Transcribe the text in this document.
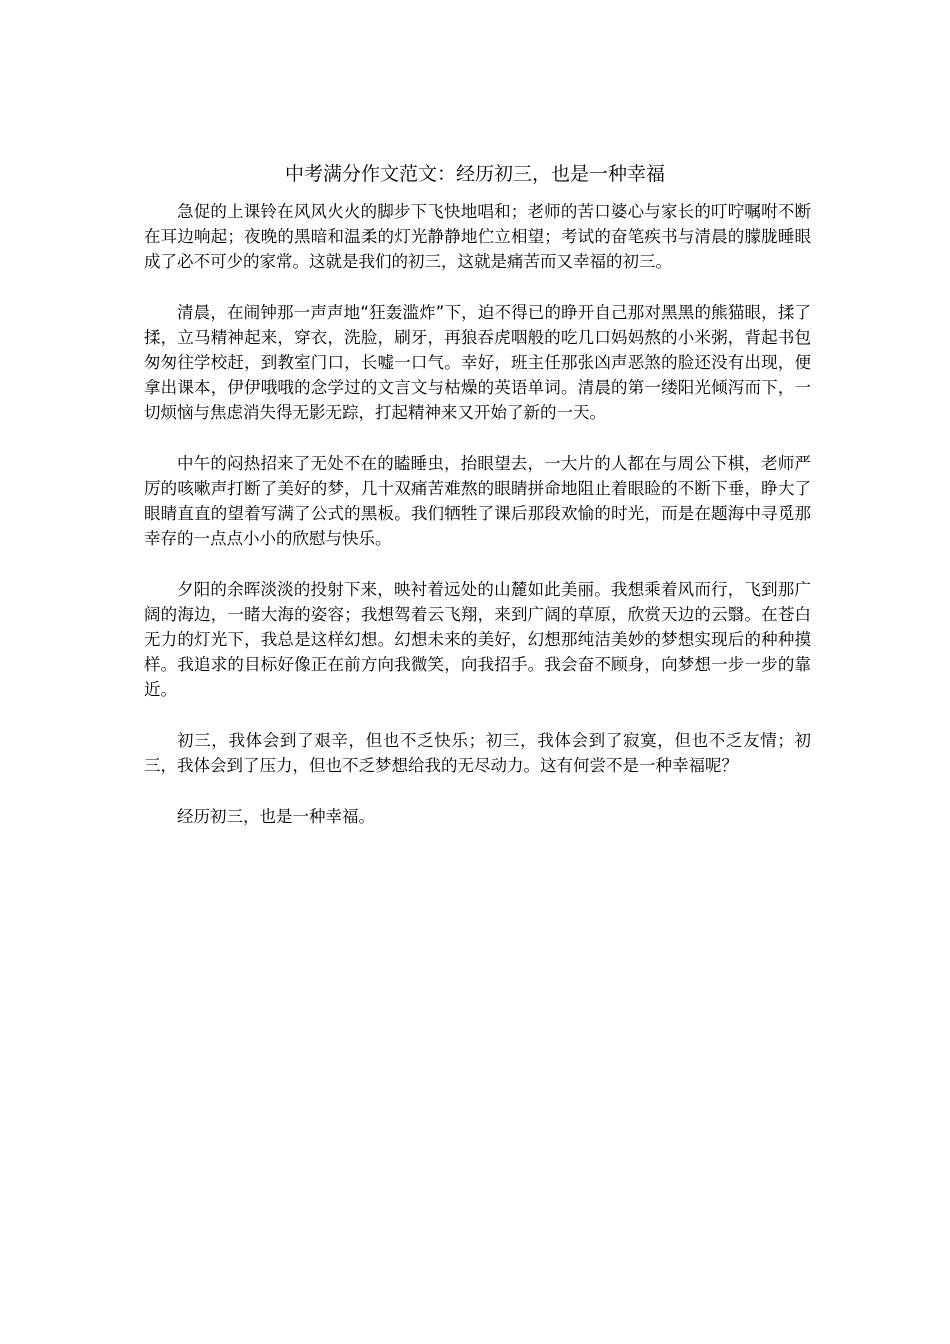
中考满分作文范文：经历初三，也是一种幸福

急促的上课铃在风风火火的脚步下飞快地唱和；老师的苦口婆心与家长的叮咛嘱咐不断在耳边响起；夜晚的黑暗和温柔的灯光静静地伫立相望；考试的奋笔疾书与清晨的朦胧睡眼成了必不可少的家常。这就是我们的初三，这就是痛苦而又幸福的初三。

清晨，在闹钟那一声声地“狂轰滥炸”下，迫不得已的睁开自己那对黑黑的熊猫眼，揉了揉，立马精神起来，穿衣，洗脸，刷牙，再狼吞虎咽般的吃几口妈妈熬的小米粥，背起书包匆匆往学校赶，到教室门口，长嘘一口气。幸好，班主任那张凶声恶煞的脸还没有出现，便拿出课本，伊伊哦哦的念学过的文言文与枯燥的英语单词。清晨的第一缕阳光倾泻而下，一切烦恼与焦虑消失得无影无踪，打起精神来又开始了新的一天。

中午的闷热招来了无处不在的瞌睡虫，抬眼望去，一大片的人都在与周公下棋，老师严厉的咳嗽声打断了美好的梦，几十双痛苦难熬的眼睛拼命地阻止着眼睑的不断下垂，睁大了眼睛直直的望着写满了公式的黑板。我们牺牲了课后那段欢愉的时光，而是在题海中寻觅那幸存的一点点小小的欣慰与快乐。

夕阳的余晖淡淡的投射下来，映衬着远处的山麓如此美丽。我想乘着风而行，飞到那广阔的海边，一睹大海的姿容；我想驾着云飞翔，来到广阔的草原，欣赏天边的云翳。在苍白无力的灯光下，我总是这样幻想。幻想未来的美好，幻想那纯洁美妙的梦想实现后的种种摸样。我追求的目标好像正在前方向我微笑，向我招手。我会奋不顾身，向梦想一步一步的靠近。

初三，我体会到了艰辛，但也不乏快乐；初三，我体会到了寂寞，但也不乏友情；初三，我体会到了压力，但也不乏梦想给我的无尽动力。这有何尝不是一种幸福呢？

经历初三，也是一种幸福。
